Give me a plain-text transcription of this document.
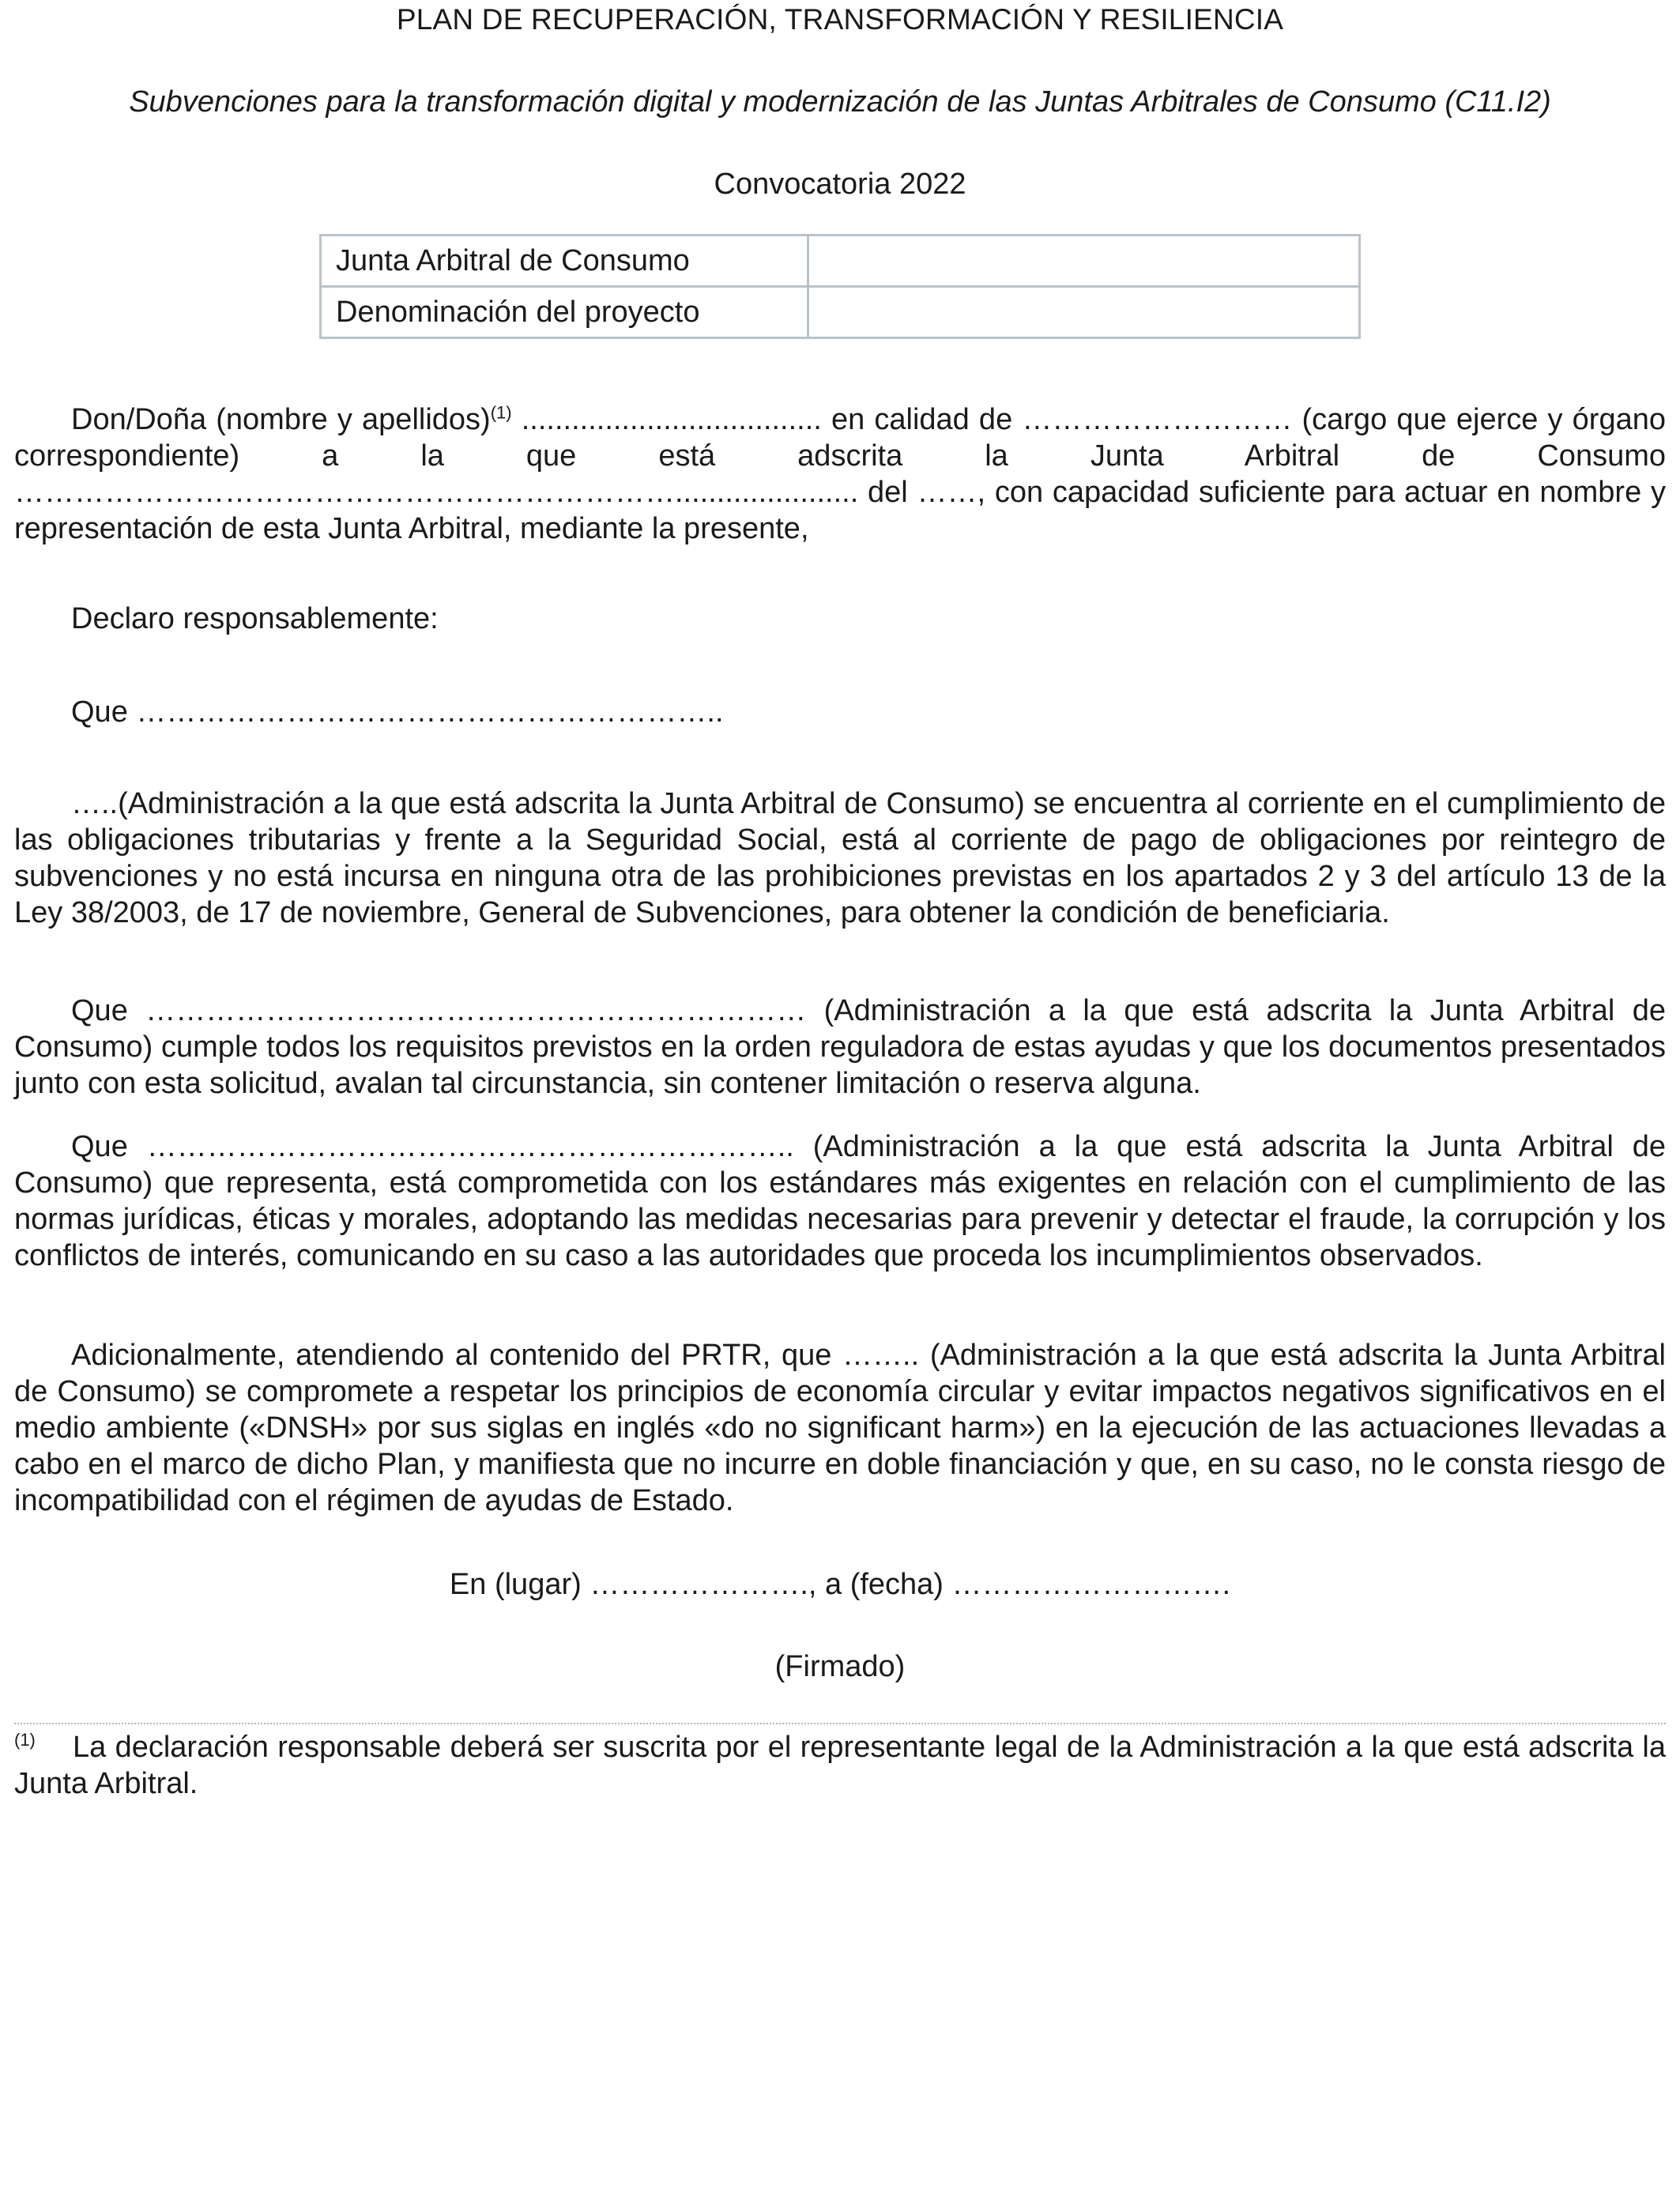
PLAN DE RECUPERACIÓN, TRANSFORMACIÓN Y RESILIENCIA
Subvenciones para la transformación digital y modernización de las Juntas Arbitrales de Consumo (C11.I2)
Convocatoria 2022
Junta Arbitral de Consumo	
Denominación del proyecto	
Don/Doña (nombre y apellidos)$^{(1)}$ .................................... en calidad de ……………………… (cargo que ejerce y órgano correspondiente) a la que está adscrita la Junta Arbitral de Consumo …………………………………………………………...................... del ……, con capacidad suficiente para actuar en nombre y representación de esta Junta Arbitral, mediante la presente,
Declaro responsablemente:
Que …………………………………………………..
…..(Administración a la que está adscrita la Junta Arbitral de Consumo) se encuentra al corriente en el cumplimiento de las obligaciones tributarias y frente a la Seguridad Social, está al corriente de pago de obligaciones por reintegro de subvenciones y no está incursa en ninguna otra de las prohibiciones previstas en los apartados 2 y 3 del artículo 13 de la Ley 38/2003, de 17 de noviembre, General de Subvenciones, para obtener la condición de beneficiaria.
Que ………………………………………………………… (Administración a la que está adscrita la Junta Arbitral de Consumo) cumple todos los requisitos previstos en la orden reguladora de estas ayudas y que los documentos presentados junto con esta solicitud, avalan tal circunstancia, sin contener limitación o reserva alguna.
Que ……………………………………………………….. (Administración a la que está adscrita la Junta Arbitral de Consumo) que representa, está comprometida con los estándares más exigentes en relación con el cumplimiento de las normas jurídicas, éticas y morales, adoptando las medidas necesarias para prevenir y detectar el fraude, la corrupción y los conflictos de interés, comunicando en su caso a las autoridades que proceda los incumplimientos observados.
Adicionalmente, atendiendo al contenido del PRTR, que …….. (Administración a la que está adscrita la Junta Arbitral de Consumo) se compromete a respetar los principios de economía circular y evitar impactos negativos significativos en el medio ambiente («DNSH» por sus siglas en inglés «do no significant harm») en la ejecución de las actuaciones llevadas a cabo en el marco de dicho Plan, y manifiesta que no incurre en doble financiación y que, en su caso, no le consta riesgo de incompatibilidad con el régimen de ayudas de Estado.
En (lugar) …………………., a (fecha) ……………………….
(Firmado)
(1) La declaración responsable deberá ser suscrita por el representante legal de la Administración a la que está adscrita la Junta Arbitral.
